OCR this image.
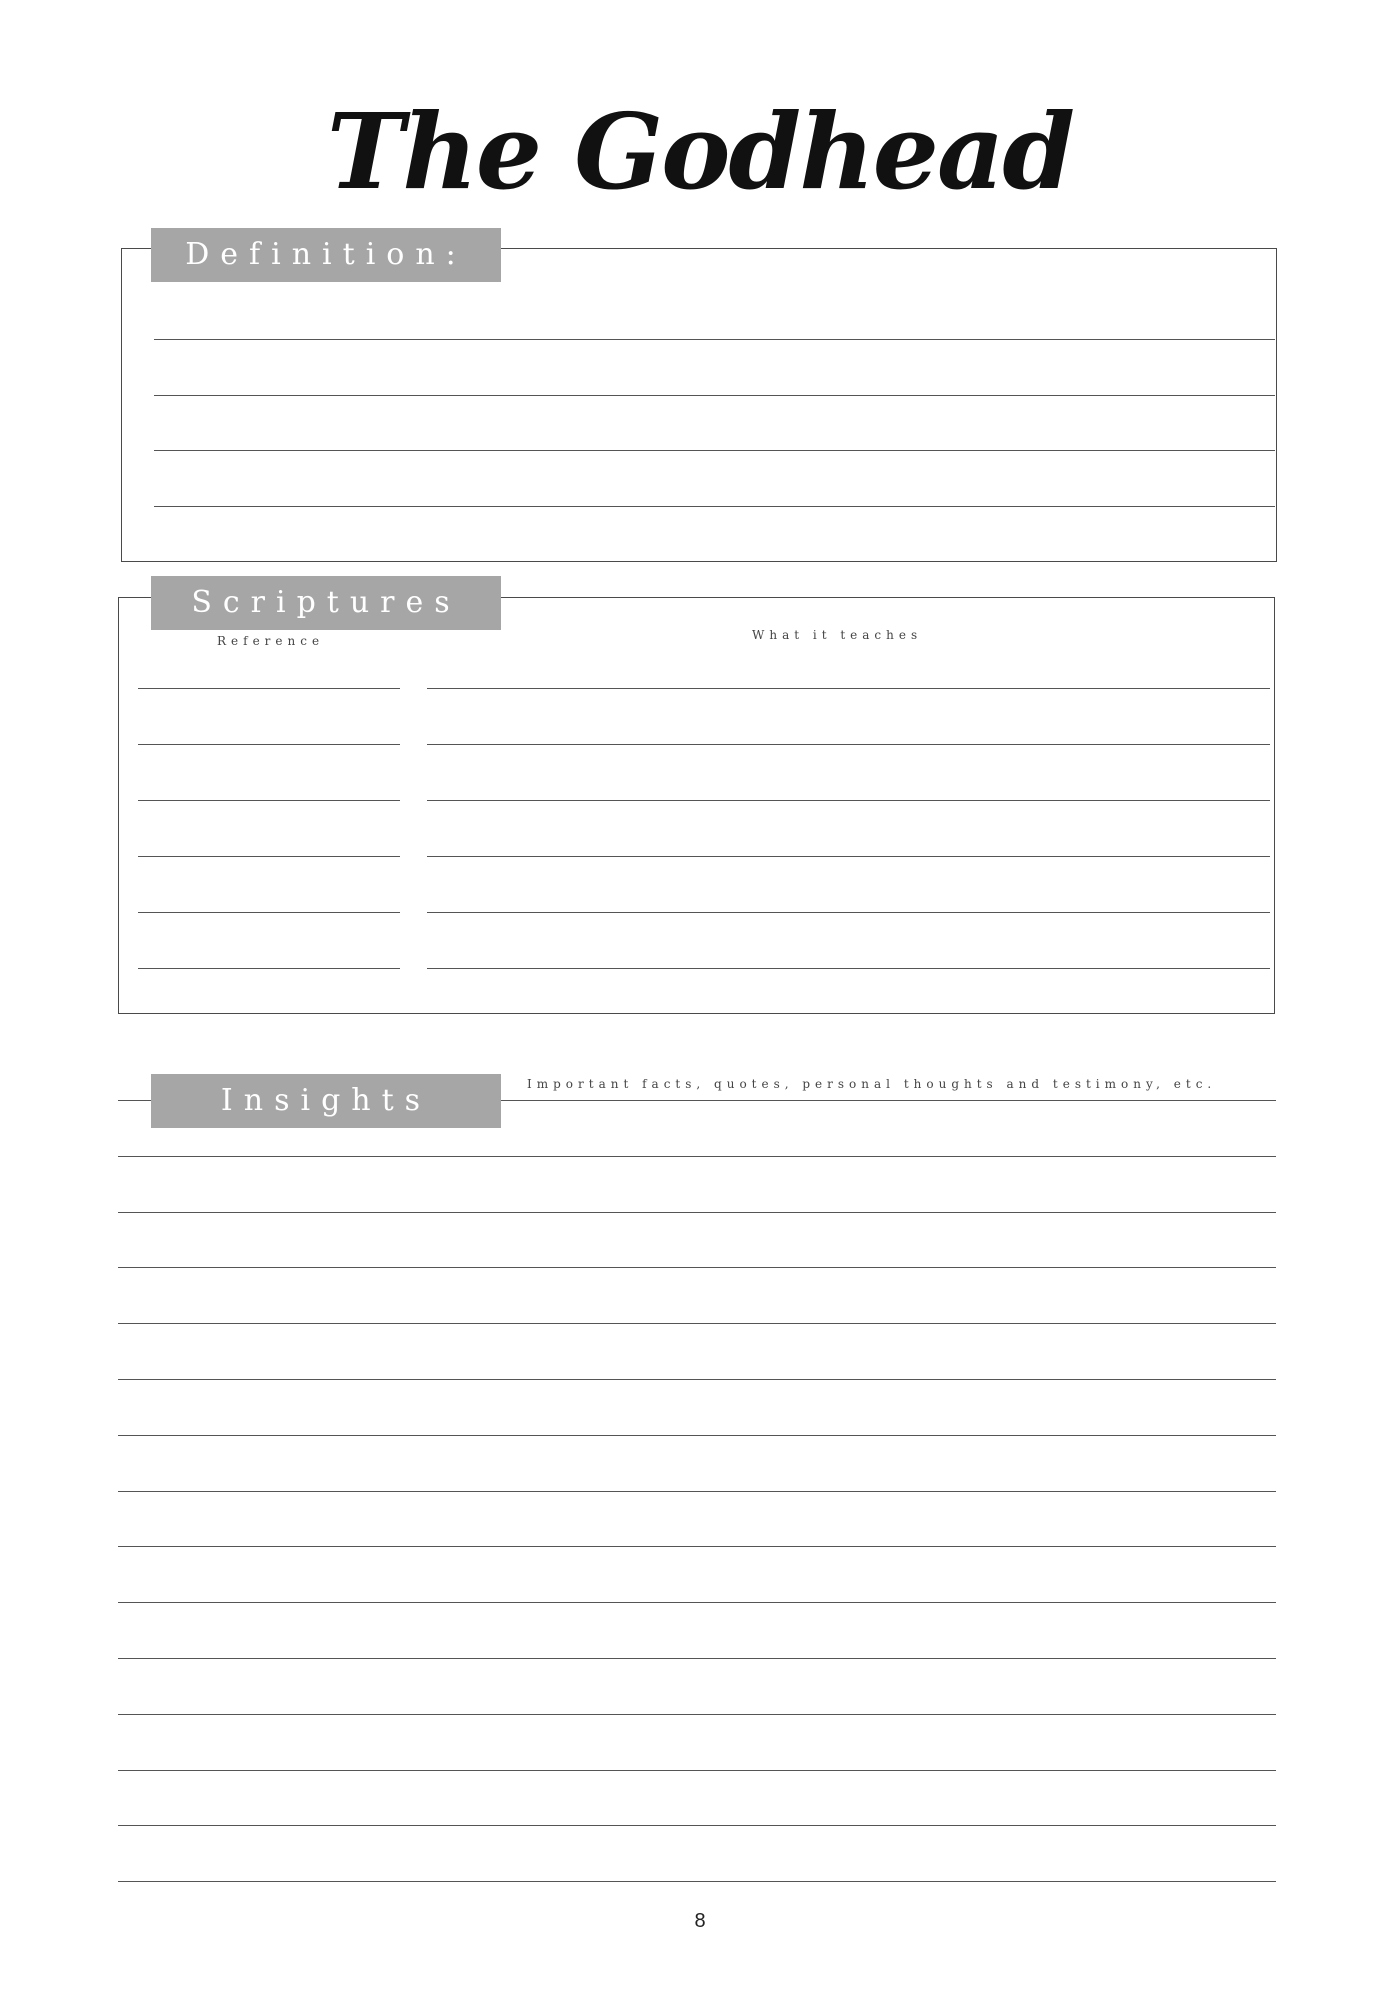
The Godhead
Definition:
Scriptures
Reference	What it teaches
Important facts, quotes, personal thoughts and testimony, etc.
Insights
8
